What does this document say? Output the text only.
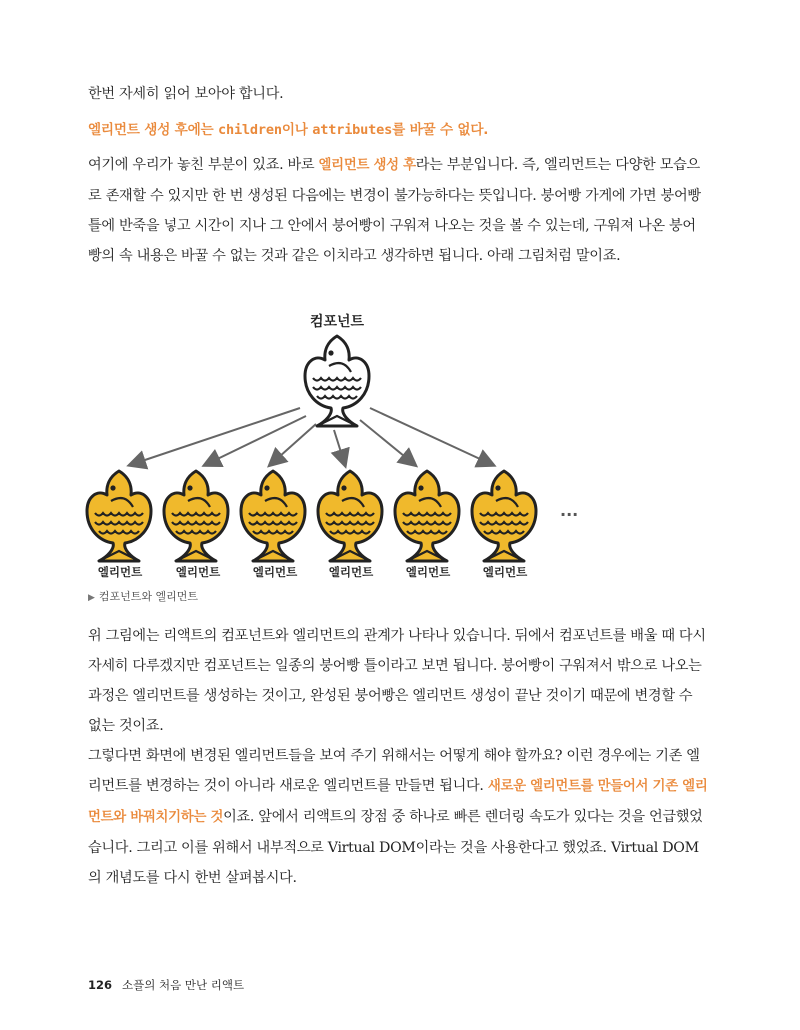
한번 자세히 읽어 보아야 합니다.

엘리먼트 생성 후에는 children이나 attributes를 바꿀 수 없다.

여기에 우리가 놓친 부분이 있죠. 바로 엘리먼트 생성 후라는 부분입니다. 즉, 엘리먼트는 다양한 모습으로 존재할 수 있지만 한 번 생성된 다음에는 변경이 불가능하다는 뜻입니다. 붕어빵 가게에 가면 붕어빵 틀에 반죽을 넣고 시간이 지나 그 안에서 붕어빵이 구워져 나오는 것을 볼 수 있는데, 구워져 나온 붕어빵의 속 내용은 바꿀 수 없는 것과 같은 이치라고 생각하면 됩니다. 아래 그림처럼 말이죠.

컴포넌트
···
엘리먼트	엘리먼트	엘리먼트	엘리먼트	엘리먼트	엘리먼트
▶ 컴포넌트와 엘리먼트

위 그림에는 리액트의 컴포넌트와 엘리먼트의 관계가 나타나 있습니다. 뒤에서 컴포넌트를 배울 때 다시 자세히 다루겠지만 컴포넌트는 일종의 붕어빵 틀이라고 보면 됩니다. 붕어빵이 구워져서 밖으로 나오는 과정은 엘리먼트를 생성하는 것이고, 완성된 붕어빵은 엘리먼트 생성이 끝난 것이기 때문에 변경할 수 없는 것이죠.

그렇다면 화면에 변경된 엘리먼트들을 보여 주기 위해서는 어떻게 해야 할까요? 이런 경우에는 기존 엘리먼트를 변경하는 것이 아니라 새로운 엘리먼트를 만들면 됩니다. 새로운 엘리먼트를 만들어서 기존 엘리먼트와 바꿔치기하는 것이죠. 앞에서 리액트의 장점 중 하나로 빠른 렌더링 속도가 있다는 것을 언급했었습니다. 그리고 이를 위해서 내부적으로 Virtual DOM이라는 것을 사용한다고 했었죠. Virtual DOM의 개념도를 다시 한번 살펴봅시다.

126 소플의 처음 만난 리액트
